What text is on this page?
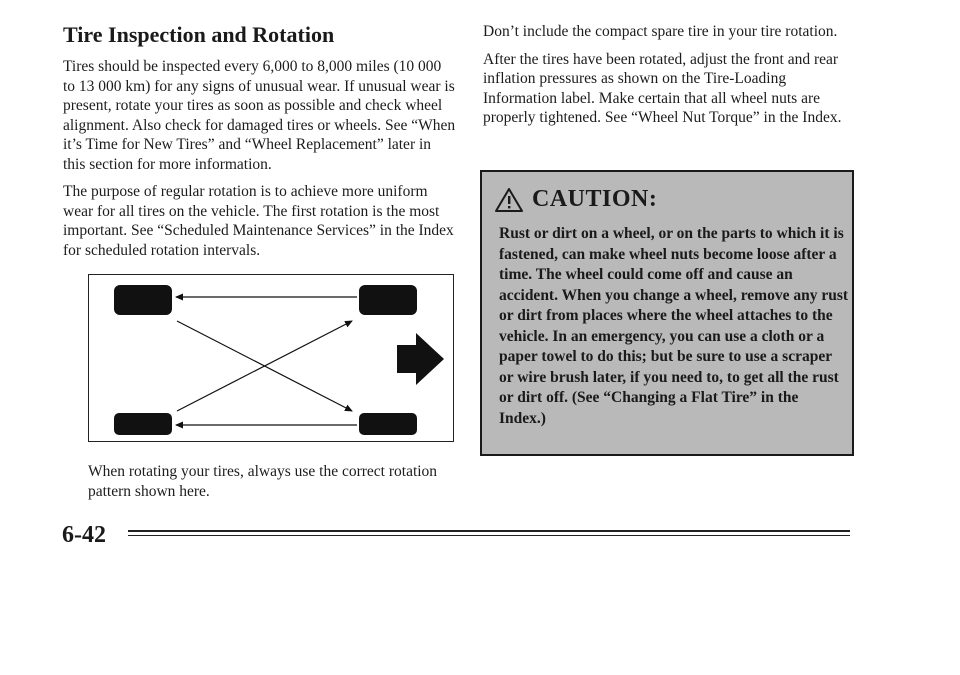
Tire Inspection and Rotation

Tires should be inspected every 6,000 to 8,000 miles (10 000 to 13 000 km) for any signs of unusual wear. If unusual wear is present, rotate your tires as soon as possible and check wheel alignment. Also check for damaged tires or wheels. See “When it’s Time for New Tires” and “Wheel Replacement” later in this section for more information.

The purpose of regular rotation is to achieve more uniform wear for all tires on the vehicle. The first rotation is the most important. See “Scheduled Maintenance Services” in the Index for scheduled rotation intervals.

When rotating your tires, always use the correct rotation pattern shown here.

Don’t include the compact spare tire in your tire rotation.

After the tires have been rotated, adjust the front and rear inflation pressures as shown on the Tire-Loading Information label. Make certain that all wheel nuts are properly tightened. See “Wheel Nut Torque” in the Index.

CAUTION:
Rust or dirt on a wheel, or on the parts to which it is fastened, can make wheel nuts become loose after a time. The wheel could come off and cause an accident. When you change a wheel, remove any rust or dirt from places where the wheel attaches to the vehicle. In an emergency, you can use a cloth or a paper towel to do this; but be sure to use a scraper or wire brush later, if you need to, to get all the rust or dirt off. (See “Changing a Flat Tire” in the Index.)
6-42
